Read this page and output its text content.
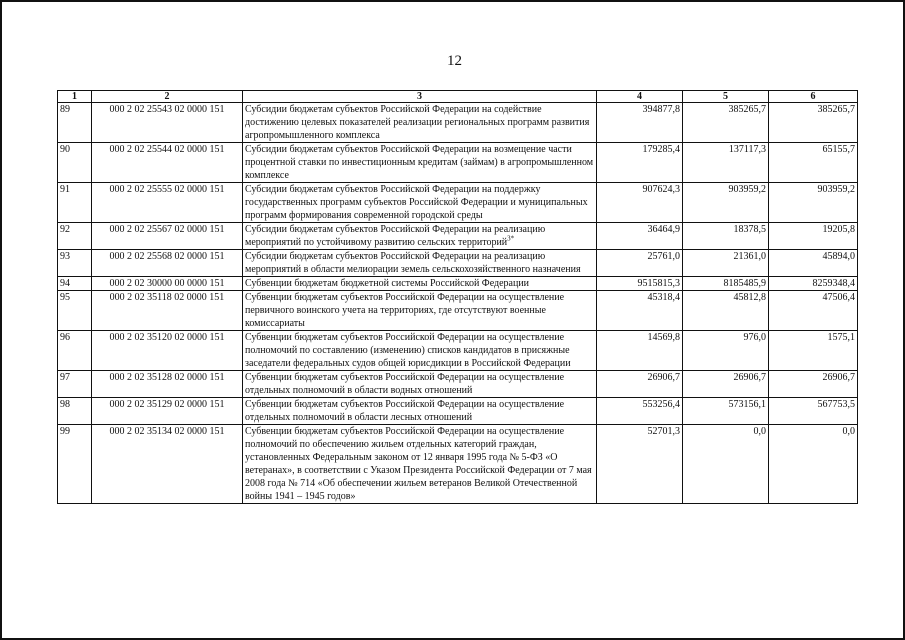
12
1	2	3	4	5	6
89	000 2 02 25543 02 0000 151	Субсидии бюджетам субъектов Российской Федерации на содействие достижению целевых показателей реализации региональных программ развития агропромышленного комплекса	394877,8	385265,7	385265,7
90	000 2 02 25544 02 0000 151	Субсидии бюджетам субъектов Российской Федерации на возмещение части процентной ставки по инвестиционным кредитам (займам) в агропромышленном комплексе	179285,4	137117,3	65155,7
91	000 2 02 25555 02 0000 151	Субсидии бюджетам субъектов Российской Федерации на поддержку государственных программ субъектов Российской Федерации и муниципальных программ формирования современной городской среды	907624,3	903959,2	903959,2
92	000 2 02 25567 02 0000 151	Субсидии бюджетам субъектов Российской Федерации на реализацию мероприятий по устойчивому развитию сельских территорий$^{3*}$	36464,9	18378,5	19205,8
93	000 2 02 25568 02 0000 151	Субсидии бюджетам субъектов Российской Федерации на реализацию мероприятий в области мелиорации земель сельскохозяйственного назначения	25761,0	21361,0	45894,0
94	000 2 02 30000 00 0000 151	Субвенции бюджетам бюджетной системы Российской Федерации	9515815,3	8185485,9	8259348,4
95	000 2 02 35118 02 0000 151	Субвенции бюджетам субъектов Российской Федерации на осуществление первичного воинского учета на территориях, где отсутствуют военные комиссариаты	45318,4	45812,8	47506,4
96	000 2 02 35120 02 0000 151	Субвенции бюджетам субъектов Российской Федерации на осуществление полномочий по составлению (изменению) списков кандидатов в присяжные заседатели федеральных судов общей юрисдикции в Российской Федерации	14569,8	976,0	1575,1
97	000 2 02 35128 02 0000 151	Субвенции бюджетам субъектов Российской Федерации на осуществление отдельных полномочий в области водных отношений	26906,7	26906,7	26906,7
98	000 2 02 35129 02 0000 151	Субвенции бюджетам субъектов Российской Федерации на осуществление отдельных полномочий в области лесных отношений	553256,4	573156,1	567753,5
99	000 2 02 35134 02 0000 151	Субвенции бюджетам субъектов Российской Федерации на осуществление полномочий по обеспечению жильем отдельных категорий граждан, установленных Федеральным законом от 12 января 1995 года № 5-ФЗ «О ветеранах», в соответствии с Указом Президента Российской Федерации от 7 мая 2008 года № 714 «Об обеспечении жильем ветеранов Великой Отечественной войны 1941 – 1945 годов»	52701,3	0,0	0,0
